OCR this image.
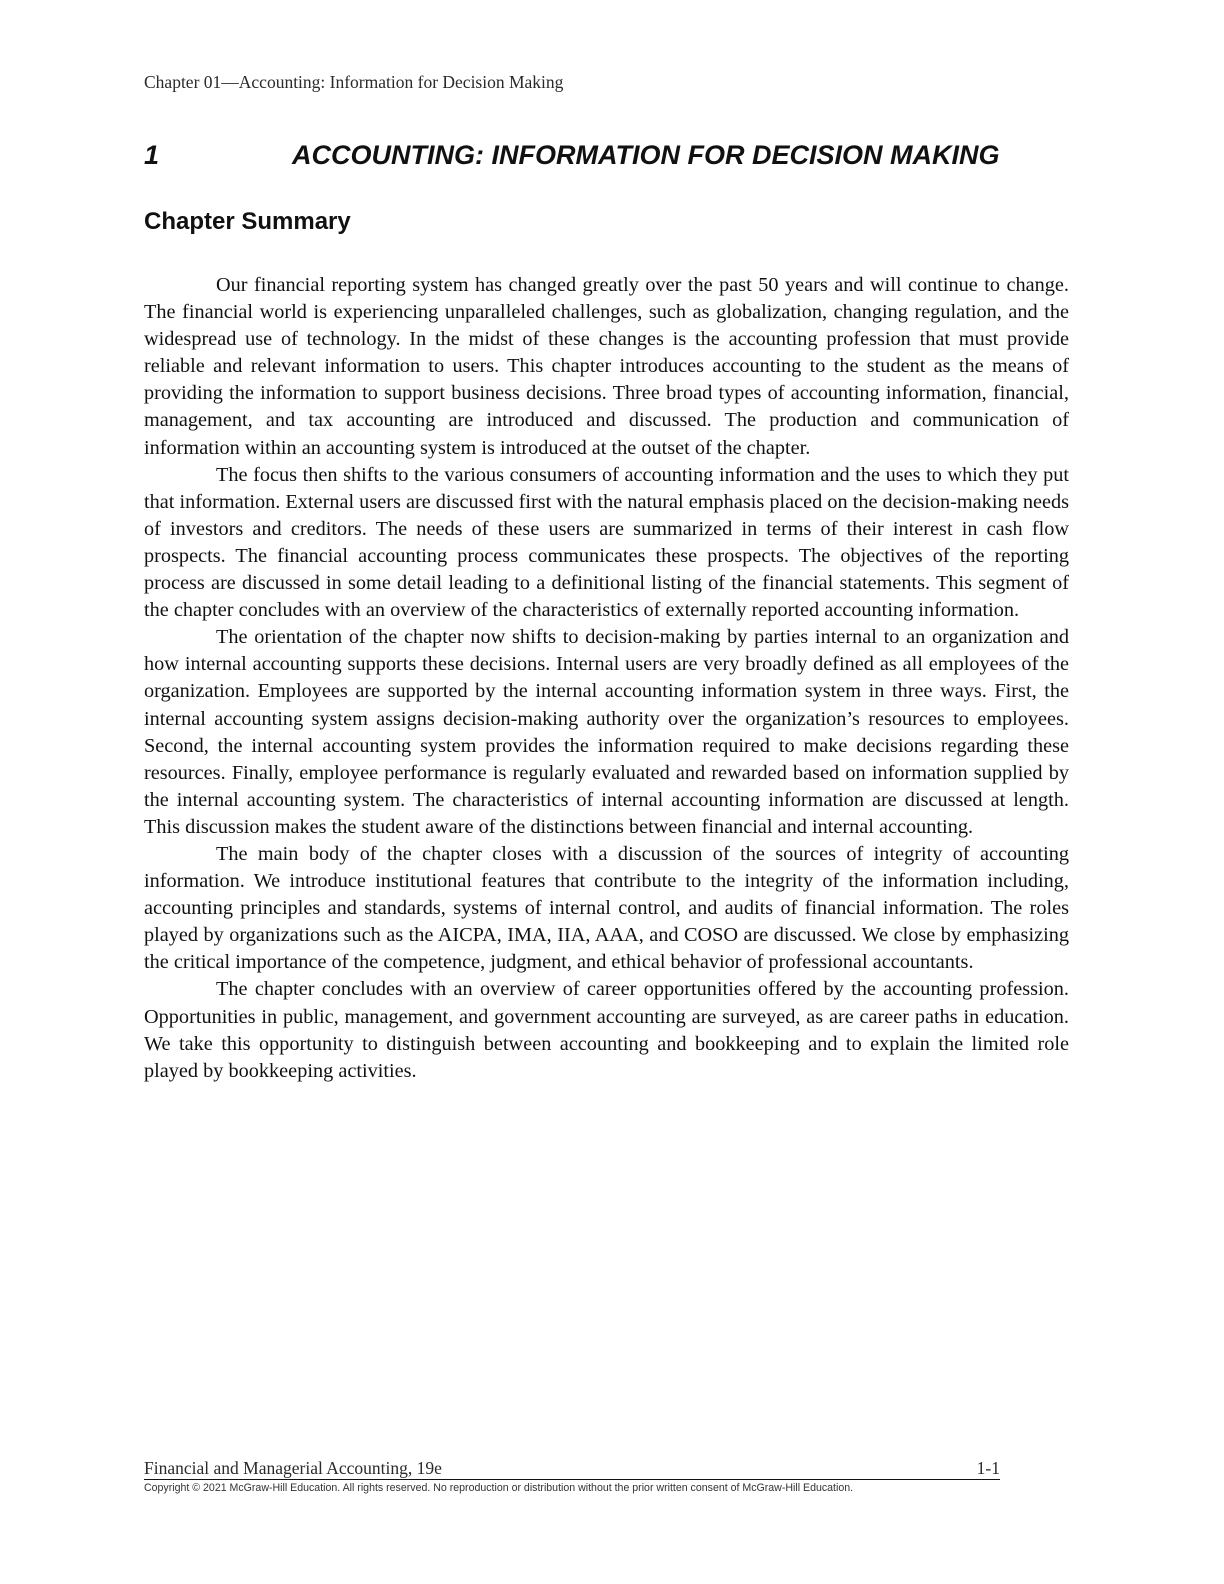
Chapter 01—Accounting: Information for Decision Making
1	ACCOUNTING: INFORMATION FOR DECISION MAKING
Chapter Summary

Our financial reporting system has changed greatly over the past 50 years and will continue to change. The financial world is experiencing unparalleled challenges, such as globalization, changing regulation, and the widespread use of technology. In the midst of these changes is the accounting profession that must provide reliable and relevant information to users. This chapter introduces accounting to the student as the means of providing the information to support business decisions. Three broad types of accounting information, financial, management, and tax accounting are introduced and discussed. The production and communication of information within an accounting system is introduced at the outset of the chapter.

The focus then shifts to the various consumers of accounting information and the uses to which they put that information. External users are discussed first with the natural emphasis placed on the decision-making needs of investors and creditors. The needs of these users are summarized in terms of their interest in cash flow prospects. The financial accounting process communicates these prospects. The objectives of the reporting process are discussed in some detail leading to a definitional listing of the financial statements. This segment of the chapter concludes with an overview of the characteristics of externally reported accounting information.

The orientation of the chapter now shifts to decision-making by parties internal to an organization and how internal accounting supports these decisions. Internal users are very broadly defined as all employees of the organization. Employees are supported by the internal accounting information system in three ways. First, the internal accounting system assigns decision-making authority over the organization’s resources to employees. Second, the internal accounting system provides the information required to make decisions regarding these resources. Finally, employee performance is regularly evaluated and rewarded based on information supplied by the internal accounting system. The characteristics of internal accounting information are discussed at length. This discussion makes the student aware of the distinctions between financial and internal accounting.

The main body of the chapter closes with a discussion of the sources of integrity of accounting information. We introduce institutional features that contribute to the integrity of the information including, accounting principles and standards, systems of internal control, and audits of financial information. The roles played by organizations such as the AICPA, IMA, IIA, AAA, and COSO are discussed. We close by emphasizing the critical importance of the competence, judgment, and ethical behavior of professional accountants.

The chapter concludes with an overview of career opportunities offered by the accounting profession. Opportunities in public, management, and government accounting are surveyed, as are career paths in education. We take this opportunity to distinguish between accounting and bookkeeping and to explain the limited role played by bookkeeping activities.

Financial and Managerial Accounting, 19e	1-1
Copyright © 2021 McGraw-Hill Education. All rights reserved. No reproduction or distribution without the prior written consent of McGraw-Hill Education.
